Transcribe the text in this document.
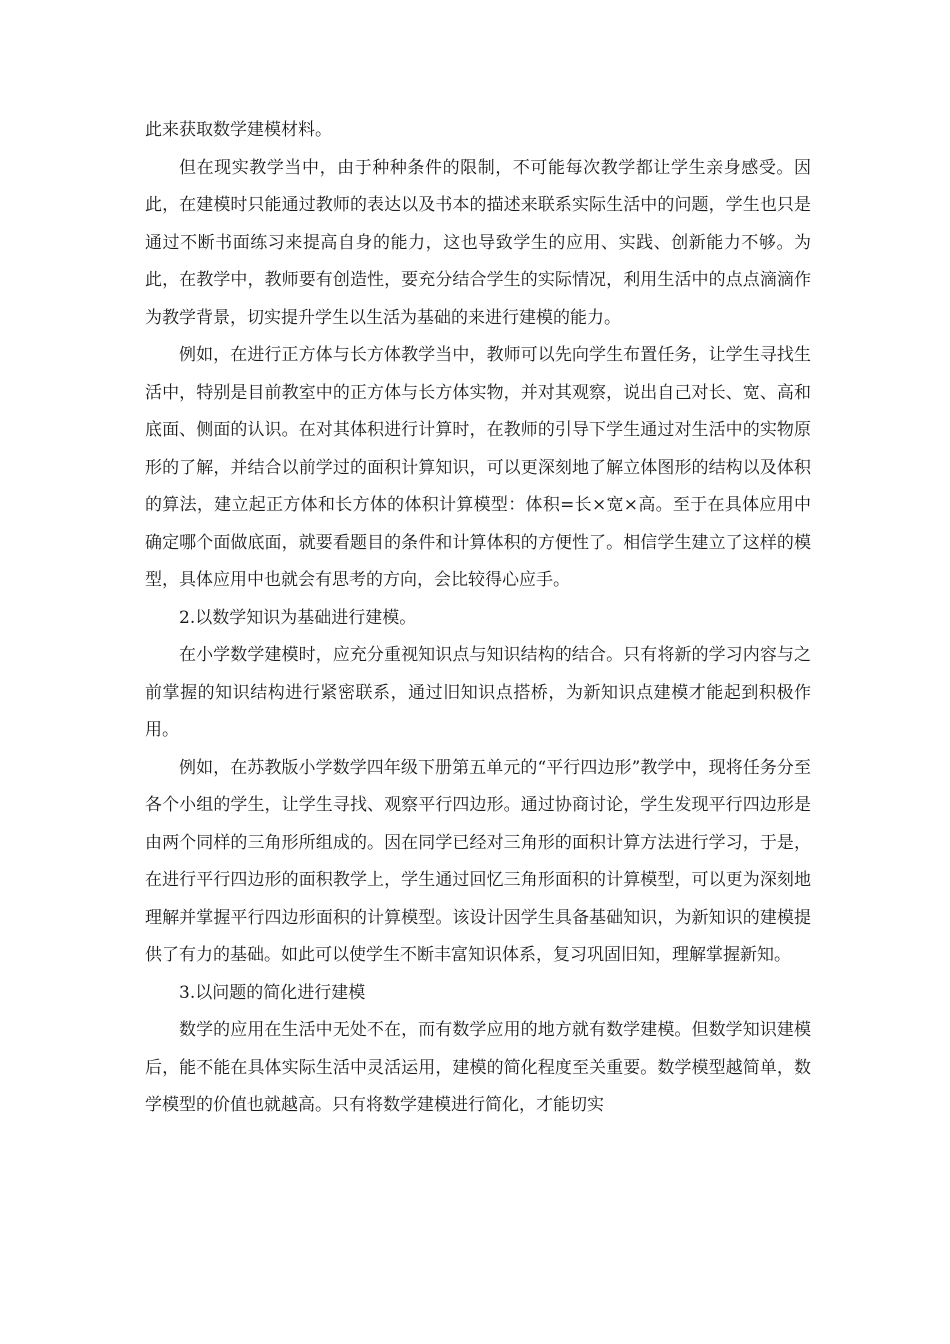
此来获取数学建模材料。

但在现实教学当中，由于种种条件的限制，不可能每次教学都让学生亲身感受。因此，在建模时只能通过教师的表达以及书本的描述来联系实际生活中的问题，学生也只是通过不断书面练习来提高自身的能力，这也导致学生的应用、实践、创新能力不够。为此，在教学中，教师要有创造性，要充分结合学生的实际情况，利用生活中的点点滴滴作为教学背景，切实提升学生以生活为基础的来进行建模的能力。

例如，在进行正方体与长方体教学当中，教师可以先向学生布置任务，让学生寻找生活中，特别是目前教室中的正方体与长方体实物，并对其观察，说出自己对长、宽、高和底面、侧面的认识。在对其体积进行计算时，在教师的引导下学生通过对生活中的实物原形的了解，并结合以前学过的面积计算知识，可以更深刻地了解立体图形的结构以及体积的算法，建立起正方体和长方体的体积计算模型：体积=长×宽×高。至于在具体应用中确定哪个面做底面，就要看题目的条件和计算体积的方便性了。相信学生建立了这样的模型，具体应用中也就会有思考的方向，会比较得心应手。

2.以数学知识为基础进行建模。

在小学数学建模时，应充分重视知识点与知识结构的结合。只有将新的学习内容与之前掌握的知识结构进行紧密联系，通过旧知识点搭桥，为新知识点建模才能起到积极作用。

例如，在苏教版小学数学四年级下册第五单元的“平行四边形”教学中，现将任务分至各个小组的学生，让学生寻找、观察平行四边形。通过协商讨论，学生发现平行四边形是由两个同样的三角形所组成的。因在同学已经对三角形的面积计算方法进行学习，于是，在进行平行四边形的面积教学上，学生通过回忆三角形面积的计算模型，可以更为深刻地理解并掌握平行四边形面积的计算模型。该设计因学生具备基础知识，为新知识的建模提供了有力的基础。如此可以使学生不断丰富知识体系，复习巩固旧知，理解掌握新知。

3.以问题的简化进行建模

数学的应用在生活中无处不在，而有数学应用的地方就有数学建模。但数学知识建模后，能不能在具体实际生活中灵活运用，建模的简化程度至关重要。数学模型越简单，数学模型的价值也就越高。只有将数学建模进行简化，才能切实
